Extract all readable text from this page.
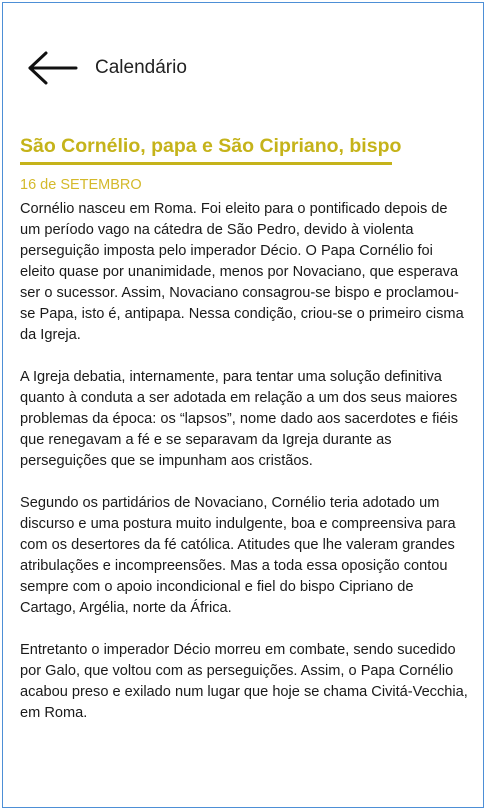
Calendário
São Cornélio, papa e São Cipriano, bispo
16 de SETEMBRO

Cornélio nasceu em Roma. Foi eleito para o pontificado depois de um período vago na cátedra de São Pedro, devido à violenta perseguição imposta pelo imperador Décio. O Papa Cornélio foi eleito quase por unanimidade, menos por Novaciano, que esperava ser o sucessor. Assim, Novaciano consagrou-se bispo e proclamou-se Papa, isto é, antipapa. Nessa condição, criou-se o primeiro cisma da Igreja.

A Igreja debatia, internamente, para tentar uma solução definitiva quanto à conduta a ser adotada em relação a um dos seus maiores problemas da época: os “lapsos”, nome dado aos sacerdotes e fiéis que renegavam a fé e se separavam da Igreja durante as perseguições que se impunham aos cristãos.

Segundo os partidários de Novaciano, Cornélio teria adotado um discurso e uma postura muito indulgente, boa e compreensiva para com os desertores da fé católica. Atitudes que lhe valeram grandes atribulações e incompreensões. Mas a toda essa oposição contou sempre com o apoio incondicional e fiel do bispo Cipriano de Cartago, Argélia, norte da África.

Entretanto o imperador Décio morreu em combate, sendo sucedido por Galo, que voltou com as perseguições. Assim, o Papa Cornélio acabou preso e exilado num lugar que hoje se chama Civitá-Vecchia, em Roma.
